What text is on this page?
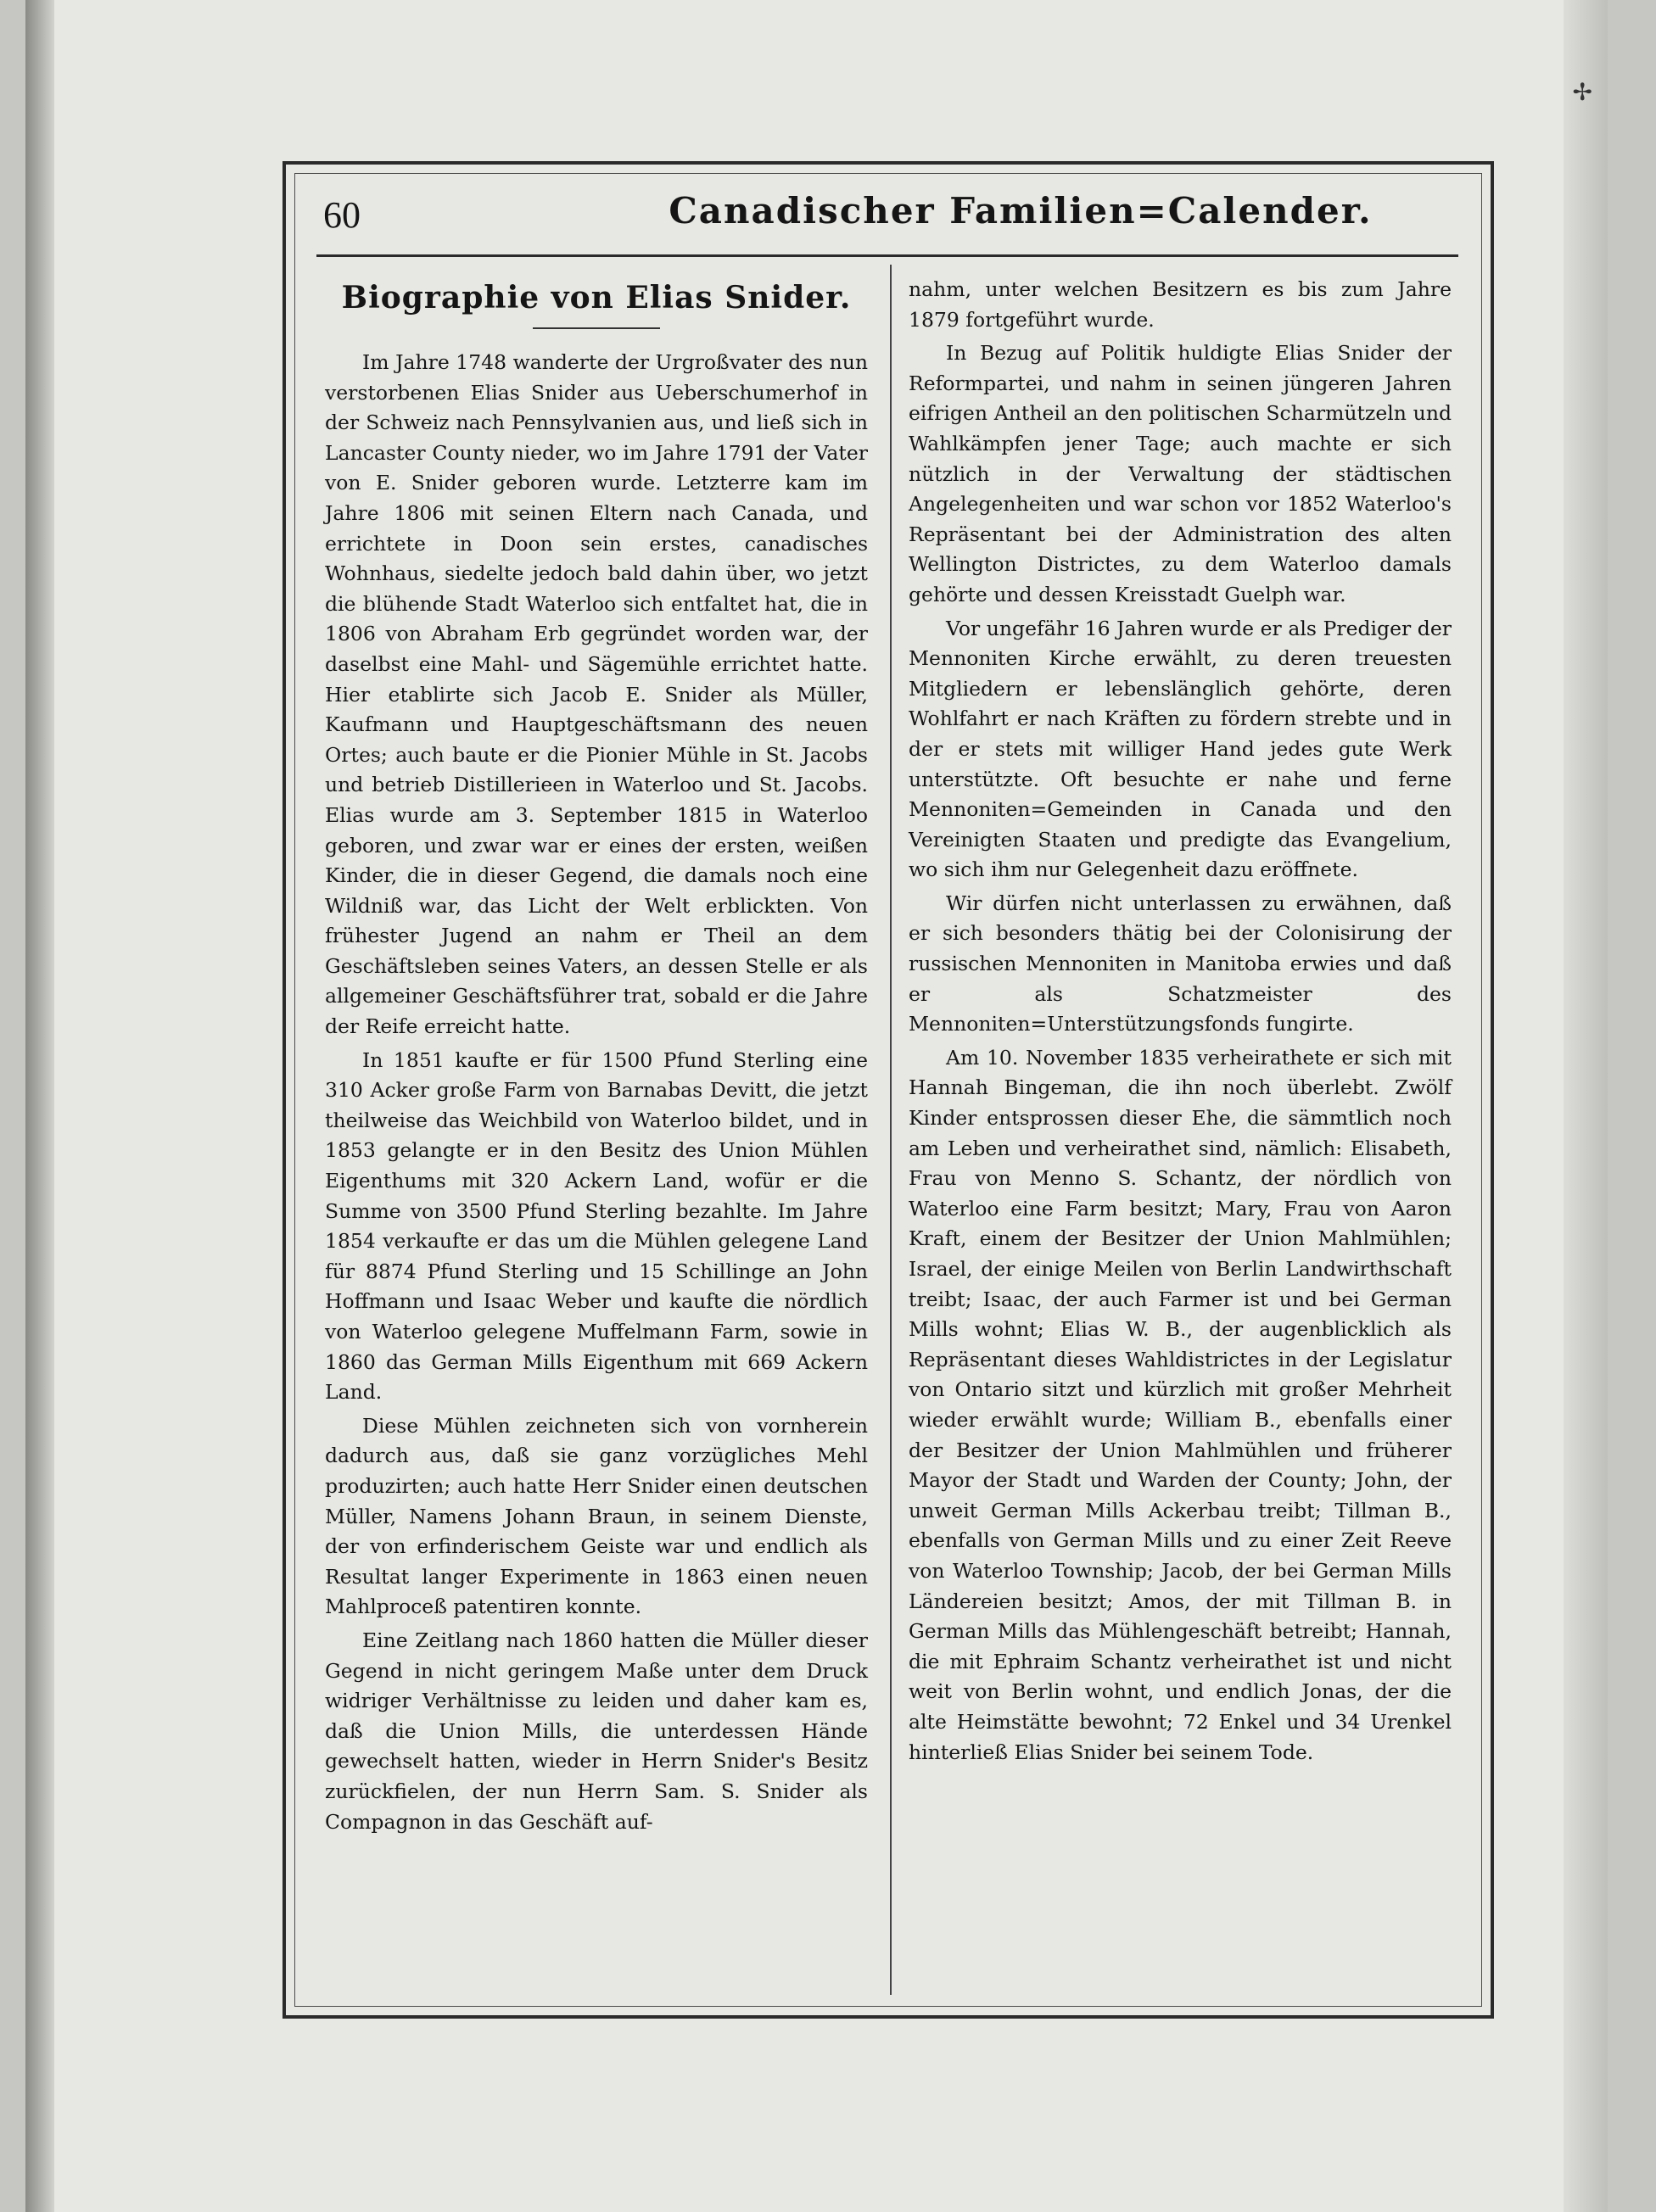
✢
60	Canadischer Familien=Calender.
Biographie von Elias Snider.

Im Jahre 1748 wanderte der Urgroßvater des nun verstorbenen Elias Snider aus Ueberschumerhof in der Schweiz nach Pennsylvanien aus, und ließ sich in Lancaster County nieder, wo im Jahre 1791 der Vater von E. Snider geboren wurde. Letzterre kam im Jahre 1806 mit seinen Eltern nach Canada, und errichtete in Doon sein erstes, canadisches Wohnhaus, siedelte jedoch bald dahin über, wo jetzt die blühende Stadt Waterloo sich entfaltet hat, die in 1806 von Abraham Erb gegründet worden war, der daselbst eine Mahl- und Sägemühle errichtet hatte. Hier etablirte sich Jacob E. Snider als Müller, Kaufmann und Hauptgeschäftsmann des neuen Ortes; auch baute er die Pionier Mühle in St. Jacobs und betrieb Distillerieen in Waterloo und St. Jacobs. Elias wurde am 3. September 1815 in Waterloo geboren, und zwar war er eines der ersten, weißen Kinder, die in dieser Gegend, die damals noch eine Wildniß war, das Licht der Welt erblickten. Von frühester Jugend an nahm er Theil an dem Geschäftsleben seines Vaters, an dessen Stelle er als allgemeiner Geschäftsführer trat, sobald er die Jahre der Reife erreicht hatte.

In 1851 kaufte er für 1500 Pfund Sterling eine 310 Acker große Farm von Barnabas Devitt, die jetzt theilweise das Weichbild von Waterloo bildet, und in 1853 gelangte er in den Besitz des Union Mühlen Eigenthums mit 320 Ackern Land, wofür er die Summe von 3500 Pfund Sterling bezahlte. Im Jahre 1854 verkaufte er das um die Mühlen gelegene Land für 8874 Pfund Sterling und 15 Schillinge an John Hoffmann und Isaac Weber und kaufte die nördlich von Waterloo gelegene Muffelmann Farm, sowie in 1860 das German Mills Eigenthum mit 669 Ackern Land.

Diese Mühlen zeichneten sich von vornherein dadurch aus, daß sie ganz vorzügliches Mehl produzirten; auch hatte Herr Snider einen deutschen Müller, Namens Johann Braun, in seinem Dienste, der von erfinderischem Geiste war und endlich als Resultat langer Experimente in 1863 einen neuen Mahlproceß patentiren konnte.

Eine Zeitlang nach 1860 hatten die Müller dieser Gegend in nicht geringem Maße unter dem Druck widriger Verhältnisse zu leiden und daher kam es, daß die Union Mills, die unterdessen Hände gewechselt hatten, wieder in Herrn Snider's Besitz zurückfielen, der nun Herrn Sam. S. Snider als Compagnon in das Geschäft auf-

nahm, unter welchen Besitzern es bis zum Jahre 1879 fortgeführt wurde.

In Bezug auf Politik huldigte Elias Snider der Reformpartei, und nahm in seinen jüngeren Jahren eifrigen Antheil an den politischen Scharmützeln und Wahlkämpfen jener Tage; auch machte er sich nützlich in der Verwaltung der städtischen Angelegenheiten und war schon vor 1852 Waterloo's Repräsentant bei der Administration des alten Wellington Districtes, zu dem Waterloo damals gehörte und dessen Kreisstadt Guelph war.

Vor ungefähr 16 Jahren wurde er als Prediger der Mennoniten Kirche erwählt, zu deren treuesten Mitgliedern er lebenslänglich gehörte, deren Wohlfahrt er nach Kräften zu fördern strebte und in der er stets mit williger Hand jedes gute Werk unterstützte. Oft besuchte er nahe und ferne Mennoniten=Gemeinden in Canada und den Vereinigten Staaten und predigte das Evangelium, wo sich ihm nur Gelegenheit dazu eröffnete.

Wir dürfen nicht unterlassen zu erwähnen, daß er sich besonders thätig bei der Colonisirung der russischen Mennoniten in Manitoba erwies und daß er als Schatzmeister des Mennoniten=Unterstützungsfonds fungirte.

Am 10. November 1835 verheirathete er sich mit Hannah Bingeman, die ihn noch überlebt. Zwölf Kinder entsprossen dieser Ehe, die sämmtlich noch am Leben und verheirathet sind, nämlich: Elisabeth, Frau von Menno S. Schantz, der nördlich von Waterloo eine Farm besitzt; Mary, Frau von Aaron Kraft, einem der Besitzer der Union Mahlmühlen; Israel, der einige Meilen von Berlin Landwirthschaft treibt; Isaac, der auch Farmer ist und bei German Mills wohnt; Elias W. B., der augenblicklich als Repräsentant dieses Wahldistrictes in der Legislatur von Ontario sitzt und kürzlich mit großer Mehrheit wieder erwählt wurde; William B., ebenfalls einer der Besitzer der Union Mahlmühlen und früherer Mayor der Stadt und Warden der County; John, der unweit German Mills Ackerbau treibt; Tillman B., ebenfalls von German Mills und zu einer Zeit Reeve von Waterloo Township; Jacob, der bei German Mills Ländereien besitzt; Amos, der mit Tillman B. in German Mills das Mühlengeschäft betreibt; Hannah, die mit Ephraim Schantz verheirathet ist und nicht weit von Berlin wohnt, und endlich Jonas, der die alte Heimstätte bewohnt; 72 Enkel und 34 Urenkel hinterließ Elias Snider bei seinem Tode.
